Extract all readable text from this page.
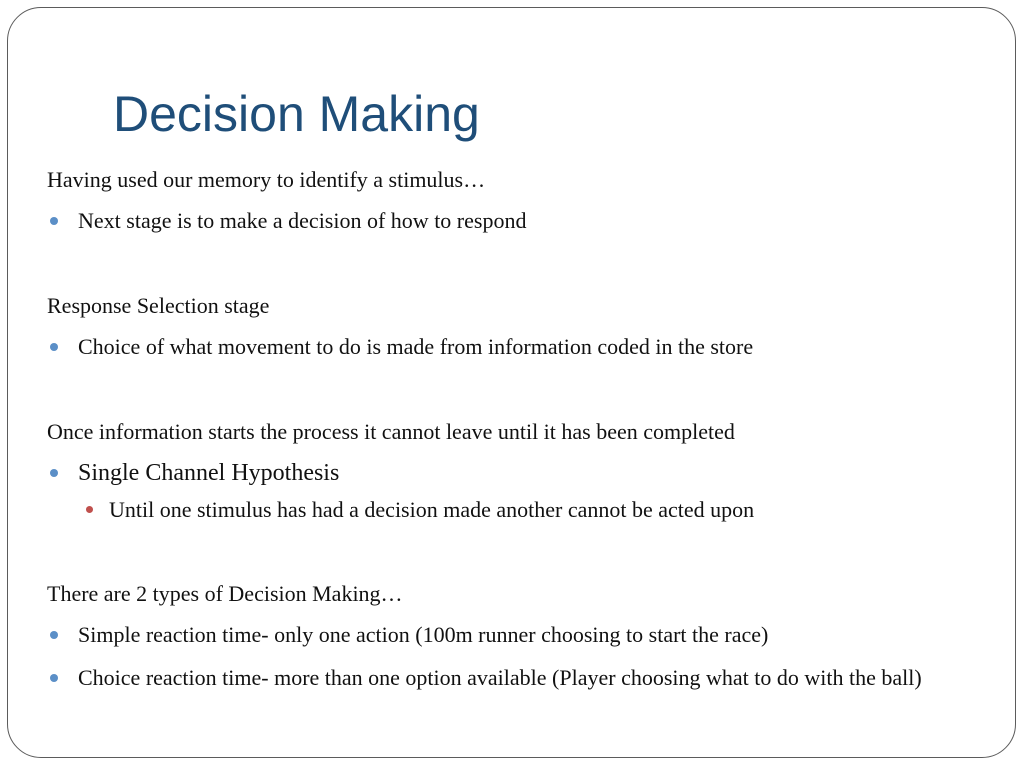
Decision Making

Having used our memory to identify a stimulus…

Next stage is to make a decision of how to respond

Response Selection stage

Choice of what movement to do is made from information coded in the store

Once information starts the process it cannot leave until it has been completed

Single Channel Hypothesis

Until one stimulus has had a decision made another cannot be acted upon

There are 2 types of Decision Making…

Simple reaction time- only one action (100m runner choosing to start the race)

Choice reaction time- more than one option available (Player choosing what to do with the ball)
